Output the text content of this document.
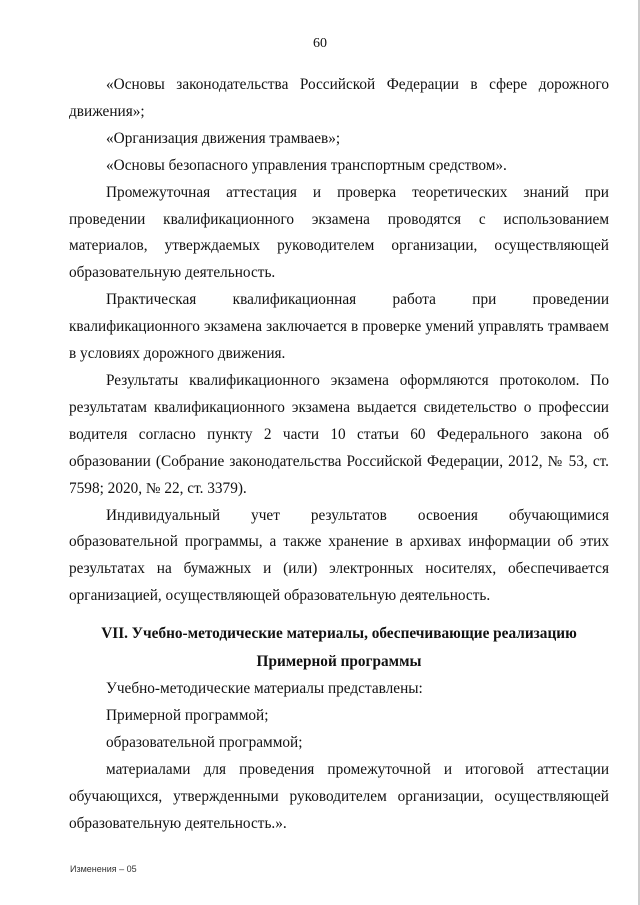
60

«Основы законодательства Российской Федерации в сфере дорожного движения»;

«Организация движения трамваев»;

«Основы безопасного управления транспортным средством».

Промежуточная аттестация и проверка теоретических знаний при проведении квалификационного экзамена проводятся с использованием материалов, утверждаемых руководителем организации, осуществляющей образовательную деятельность.

Практическая квалификационная работа при проведении квалификационного экзамена заключается в проверке умений управлять трамваем в условиях дорожного движения.

Результаты квалификационного экзамена оформляются протоколом. По результатам квалификационного экзамена выдается свидетельство о профессии водителя согласно пункту 2 части 10 статьи 60 Федерального закона об образовании (Собрание законодательства Российской Федерации, 2012, № 53, ст. 7598; 2020, № 22, ст. 3379).

Индивидуальный учет результатов освоения обучающимися образовательной программы, а также хранение в архивах информации об этих результатах на бумажных и (или) электронных носителях, обеспечивается организацией, осуществляющей образовательную деятельность.

VII. Учебно-методические материалы, обеспечивающие реализацию

Примерной программы

Учебно-методические материалы представлены:

Примерной программой;

образовательной программой;

материалами для проведения промежуточной и итоговой аттестации обучающихся, утвержденными руководителем организации, осуществляющей образовательную деятельность.».

Изменения – 05
